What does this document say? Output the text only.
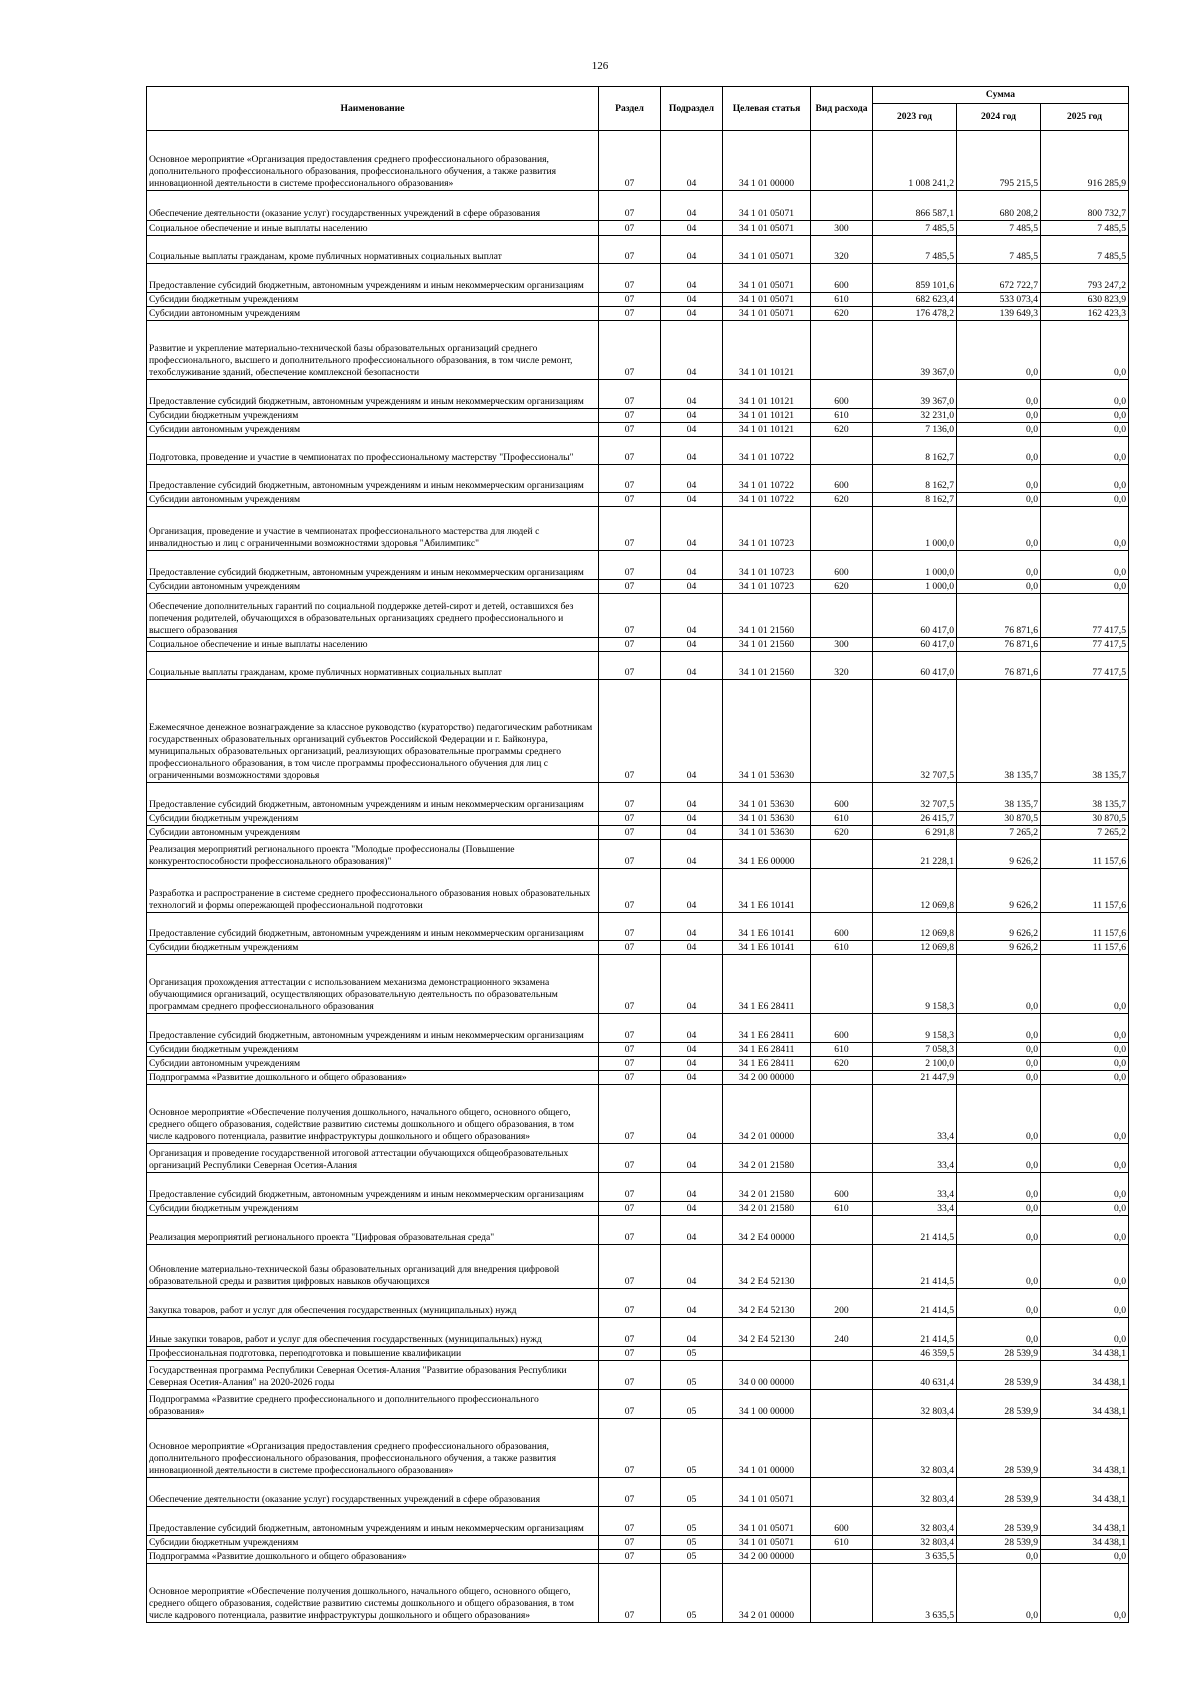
126
Наименование	Раздел	Подраздел	Целевая статья	Вид расхода	Сумма		
					2023 год	2024 год	2025 год
Основное мероприятие «Организация предоставления среднего профессионального образования, дополнительного профессионального образования, профессионального обучения, а также развития инновационной деятельности в системе профессионального образования»	07	04	34 1 01 00000		1 008 241,2	795 215,5	916 285,9
Обеспечение деятельности (оказание услуг) государственных учреждений в сфере образования	07	04	34 1 01 05071		866 587,1	680 208,2	800 732,7
Социальное обеспечение и иные выплаты населению	07	04	34 1 01 05071	300	7 485,5	7 485,5	7 485,5
Социальные выплаты гражданам, кроме публичных нормативных социальных выплат	07	04	34 1 01 05071	320	7 485,5	7 485,5	7 485,5
Предоставление субсидий бюджетным, автономным учреждениям и иным некоммерческим организациям	07	04	34 1 01 05071	600	859 101,6	672 722,7	793 247,2
Субсидии бюджетным учреждениям	07	04	34 1 01 05071	610	682 623,4	533 073,4	630 823,9
Субсидии автономным учреждениям	07	04	34 1 01 05071	620	176 478,2	139 649,3	162 423,3
Развитие и укрепление материально-технической базы образовательных организаций среднего профессионального, высшего и дополнительного профессионального образования, в том числе ремонт, техобслуживание зданий, обеспечение комплексной безопасности	07	04	34 1 01 10121		39 367,0	0,0	0,0
Предоставление субсидий бюджетным, автономным учреждениям и иным некоммерческим организациям	07	04	34 1 01 10121	600	39 367,0	0,0	0,0
Субсидии бюджетным учреждениям	07	04	34 1 01 10121	610	32 231,0	0,0	0,0
Субсидии автономным учреждениям	07	04	34 1 01 10121	620	7 136,0	0,0	0,0
Подготовка, проведение и участие в чемпионатах по профессиональному мастерству "Профессионалы"	07	04	34 1 01 10722		8 162,7	0,0	0,0
Предоставление субсидий бюджетным, автономным учреждениям и иным некоммерческим организациям	07	04	34 1 01 10722	600	8 162,7	0,0	0,0
Субсидии автономным учреждениям	07	04	34 1 01 10722	620	8 162,7	0,0	0,0
Организация, проведение и участие в чемпионатах профессионального мастерства для людей с инвалидностью и лиц с ограниченными возможностями здоровья "Абилимпикс"	07	04	34 1 01 10723		1 000,0	0,0	0,0
Предоставление субсидий бюджетным, автономным учреждениям и иным некоммерческим организациям	07	04	34 1 01 10723	600	1 000,0	0,0	0,0
Субсидии автономным учреждениям	07	04	34 1 01 10723	620	1 000,0	0,0	0,0
Обеспечение дополнительных гарантий по социальной поддержке детей-сирот и детей, оставшихся без попечения родителей, обучающихся в образовательных организациях среднего профессионального и высшего образования	07	04	34 1 01 21560		60 417,0	76 871,6	77 417,5
Социальное обеспечение и иные выплаты населению	07	04	34 1 01 21560	300	60 417,0	76 871,6	77 417,5
Социальные выплаты гражданам, кроме публичных нормативных социальных выплат	07	04	34 1 01 21560	320	60 417,0	76 871,6	77 417,5
Ежемесячное денежное вознаграждение за классное руководство (кураторство) педагогическим работникам государственных образовательных организаций субъектов Российской Федерации и г. Байконура, муниципальных образовательных организаций, реализующих образовательные программы среднего профессионального образования, в том числе программы профессионального обучения для лиц с ограниченными возможностями здоровья	07	04	34 1 01 53630		32 707,5	38 135,7	38 135,7
Предоставление субсидий бюджетным, автономным учреждениям и иным некоммерческим организациям	07	04	34 1 01 53630	600	32 707,5	38 135,7	38 135,7
Субсидии бюджетным учреждениям	07	04	34 1 01 53630	610	26 415,7	30 870,5	30 870,5
Субсидии автономным учреждениям	07	04	34 1 01 53630	620	6 291,8	7 265,2	7 265,2
Реализация мероприятий регионального проекта "Молодые профессионалы (Повышение конкурентоспособности профессионального образования)"	07	04	34 1 E6 00000		21 228,1	9 626,2	11 157,6
Разработка и распространение в системе среднего профессионального образования новых образовательных технологий и формы опережающей профессиональной подготовки	07	04	34 1 E6 10141		12 069,8	9 626,2	11 157,6
Предоставление субсидий бюджетным, автономным учреждениям и иным некоммерческим организациям	07	04	34 1 E6 10141	600	12 069,8	9 626,2	11 157,6
Субсидии бюджетным учреждениям	07	04	34 1 E6 10141	610	12 069,8	9 626,2	11 157,6
Организация прохождения аттестации с использованием механизма демонстрационного экзамена обучающимися организаций, осуществляющих образовательную деятельность по образовательным программам среднего профессионального образования	07	04	34 1 E6 28411		9 158,3	0,0	0,0
Предоставление субсидий бюджетным, автономным учреждениям и иным некоммерческим организациям	07	04	34 1 E6 28411	600	9 158,3	0,0	0,0
Субсидии бюджетным учреждениям	07	04	34 1 E6 28411	610	7 058,3	0,0	0,0
Субсидии автономным учреждениям	07	04	34 1 E6 28411	620	2 100,0	0,0	0,0
Подпрограмма «Развитие дошкольного и общего образования»	07	04	34 2 00 00000		21 447,9	0,0	0,0
Основное мероприятие «Обеспечение получения дошкольного, начального общего, основного общего, среднего общего образования, содействие развитию системы дошкольного и общего образования, в том числе кадрового потенциала, развитие инфраструктуры дошкольного и общего образования»	07	04	34 2 01 00000		33,4	0,0	0,0
Организация и проведение государственной итоговой аттестации обучающихся общеобразовательных организаций Республики Северная Осетия-Алания	07	04	34 2 01 21580		33,4	0,0	0,0
Предоставление субсидий бюджетным, автономным учреждениям и иным некоммерческим организациям	07	04	34 2 01 21580	600	33,4	0,0	0,0
Субсидии бюджетным учреждениям	07	04	34 2 01 21580	610	33,4	0,0	0,0
Реализация мероприятий регионального проекта "Цифровая образовательная среда"	07	04	34 2 E4 00000		21 414,5	0,0	0,0
Обновление материально-технической базы образовательных организаций для внедрения цифровой образовательной среды и развития цифровых навыков обучающихся	07	04	34 2 E4 52130		21 414,5	0,0	0,0
Закупка товаров, работ и услуг для обеспечения государственных (муниципальных) нужд	07	04	34 2 E4 52130	200	21 414,5	0,0	0,0
Иные закупки товаров, работ и услуг для обеспечения государственных (муниципальных) нужд	07	04	34 2 E4 52130	240	21 414,5	0,0	0,0
Профессиональная подготовка, переподготовка и повышение квалификации	07	05			46 359,5	28 539,9	34 438,1
Государственная программа Республики Северная Осетия-Алания "Развитие образования Республики Северная Осетия-Алания" на 2020-2026 годы	07	05	34 0 00 00000		40 631,4	28 539,9	34 438,1
Подпрограмма «Развитие среднего профессионального и дополнительного профессионального образования»	07	05	34 1 00 00000		32 803,4	28 539,9	34 438,1
Основное мероприятие «Организация предоставления среднего профессионального образования, дополнительного профессионального образования, профессионального обучения, а также развития инновационной деятельности в системе профессионального образования»	07	05	34 1 01 00000		32 803,4	28 539,9	34 438,1
Обеспечение деятельности (оказание услуг) государственных учреждений в сфере образования	07	05	34 1 01 05071		32 803,4	28 539,9	34 438,1
Предоставление субсидий бюджетным, автономным учреждениям и иным некоммерческим организациям	07	05	34 1 01 05071	600	32 803,4	28 539,9	34 438,1
Субсидии бюджетным учреждениям	07	05	34 1 01 05071	610	32 803,4	28 539,9	34 438,1
Подпрограмма «Развитие дошкольного и общего образования»	07	05	34 2 00 00000		3 635,5	0,0	0,0
Основное мероприятие «Обеспечение получения дошкольного, начального общего, основного общего, среднего общего образования, содействие развитию системы дошкольного и общего образования, в том числе кадрового потенциала, развитие инфраструктуры дошкольного и общего образования»	07	05	34 2 01 00000		3 635,5	0,0	0,0
